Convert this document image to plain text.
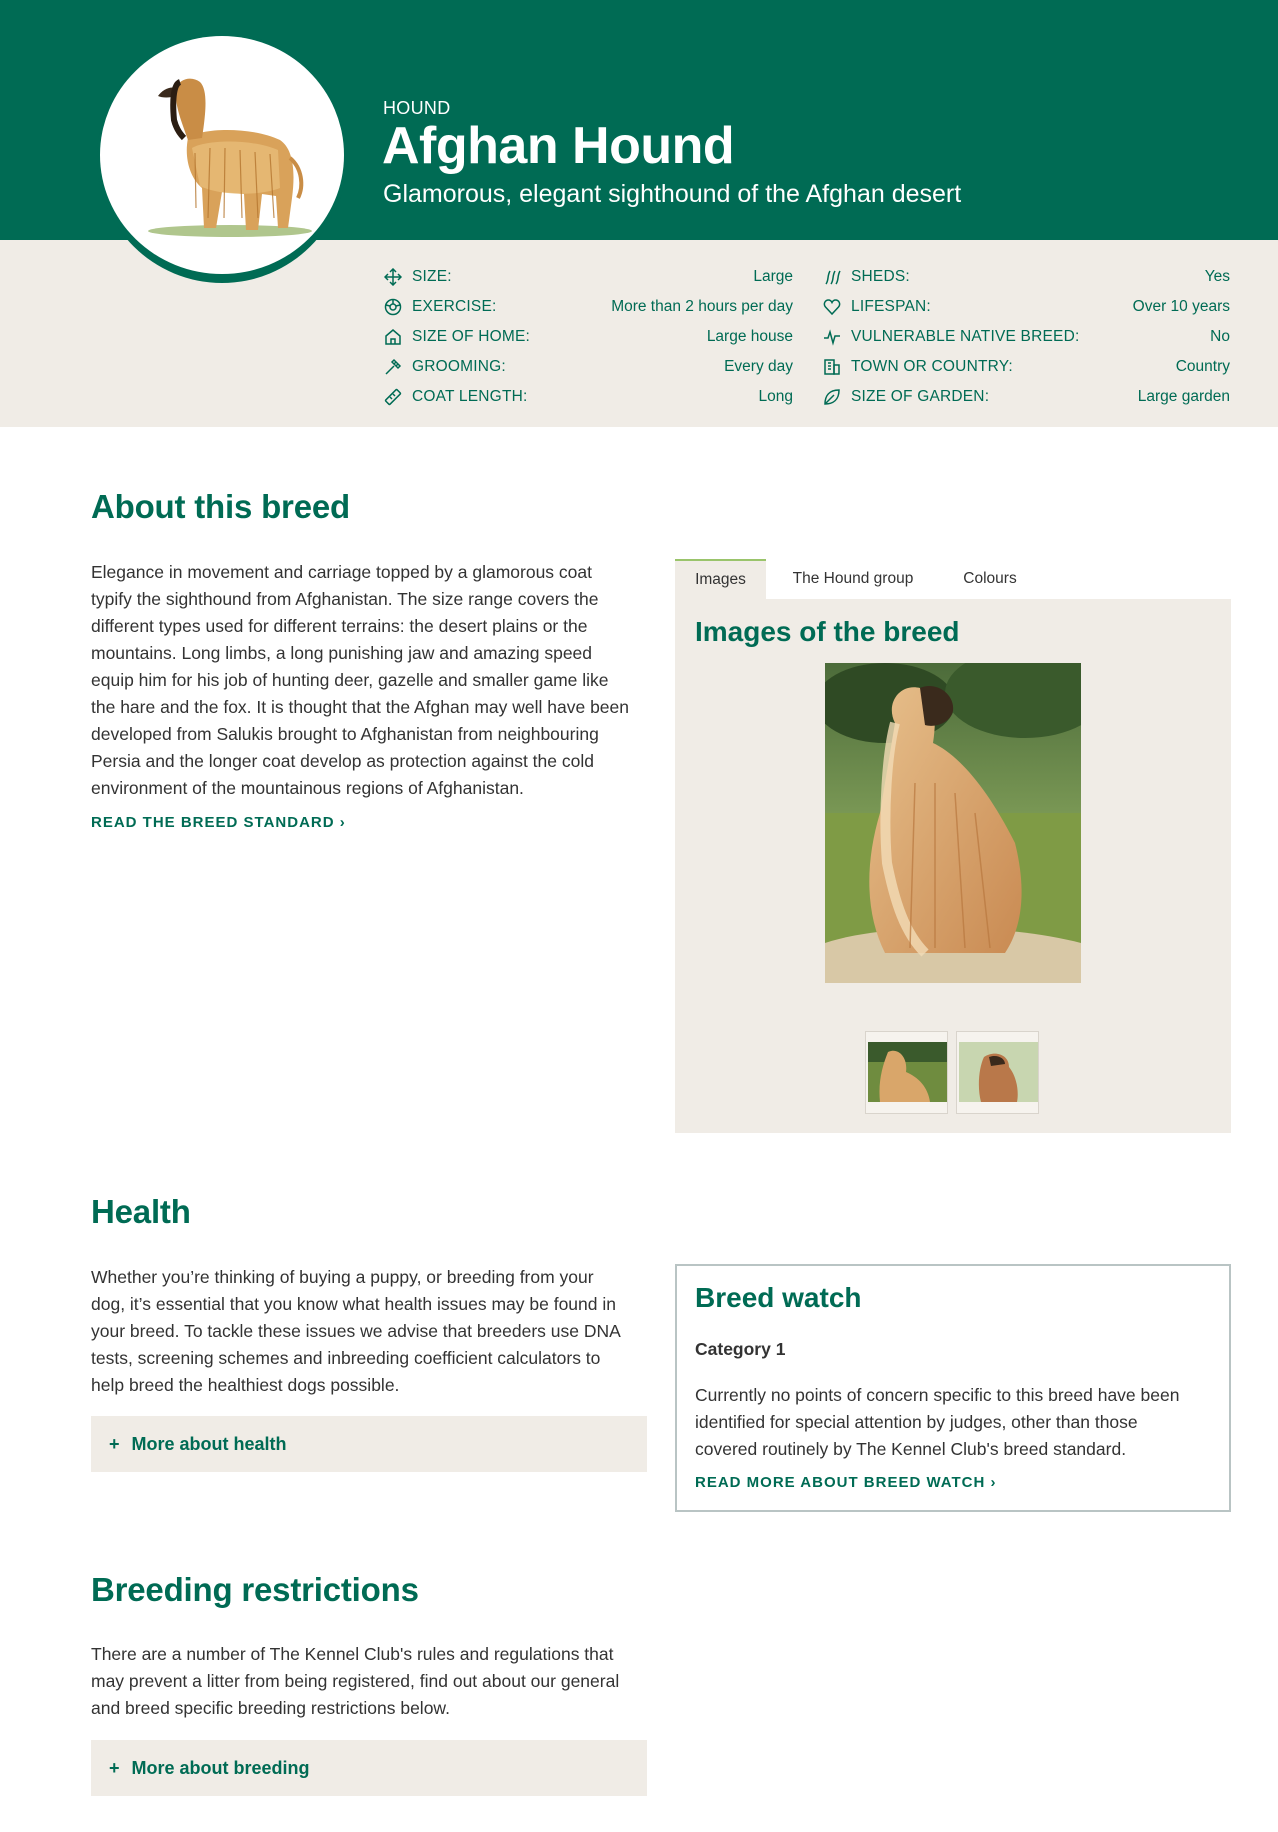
HOUND
Afghan Hound
Glamorous, elegant sighthound of the Afghan desert
SIZE:	Large
EXERCISE:	More than 2 hours per day
SIZE OF HOME:	Large house
GROOMING:	Every day
COAT LENGTH:	Long
SHEDS:	Yes
LIFESPAN:	Over 10 years
VULNERABLE NATIVE BREED:	No
TOWN OR COUNTRY:	Country
SIZE OF GARDEN:	Large garden
About this breed
Elegance in movement and carriage topped by a glamorous coat
typify the sighthound from Afghanistan. The size range covers the
different types used for different terrains: the desert plains or the
mountains. Long limbs, a long punishing jaw and amazing speed
equip him for his job of hunting deer, gazelle and smaller game like
the hare and the fox. It is thought that the Afghan may well have been
developed from Salukis brought to Afghanistan from neighbouring
Persia and the longer coat develop as protection against the cold
environment of the mountainous regions of Afghanistan.
READ THE BREED STANDARD ›
Images	The Hound group	Colours
Images of the breed
Health
Whether you’re thinking of buying a puppy, or breeding from your
dog, it’s essential that you know what health issues may be found in
your breed. To tackle these issues we advise that breeders use DNA
tests, screening schemes and inbreeding coefficient calculators to
help breed the healthiest dogs possible.
+ More about health
Breed watch
Category 1
Currently no points of concern specific to this breed have been
identified for special attention by judges, other than those
covered routinely by The Kennel Club's breed standard.
READ MORE ABOUT BREED WATCH ›
Breeding restrictions
There are a number of The Kennel Club's rules and regulations that
may prevent a litter from being registered, find out about our general
and breed specific breeding restrictions below.
+ More about breeding
